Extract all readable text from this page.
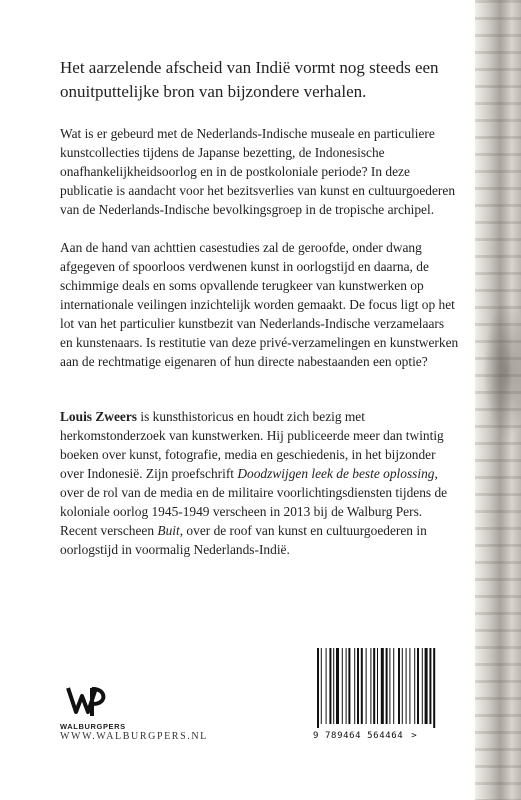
Het aarzelende afscheid van Indië vormt nog steeds een onuitputtelijke bron van bijzondere verhalen.

Wat is er gebeurd met de Nederlands-Indische museale en particuliere kunstcollecties tijdens de Japanse bezetting, de Indonesische onafhankelijkheidsoorlog en in de postkoloniale periode? In deze publicatie is aandacht voor het bezitsverlies van kunst en cultuurgoederen van de Nederlands-Indische bevolkingsgroep in de tropische archipel.

Aan de hand van achttien casestudies zal de geroofde, onder dwang afgegeven of spoorloos verdwenen kunst in oorlogstijd en daarna, de schimmige deals en soms opvallende terugkeer van kunstwerken op internationale veilingen inzichtelijk worden gemaakt. De focus ligt op het lot van het particulier kunstbezit van Nederlands-Indische verzamelaars en kunstenaars. Is restitutie van deze privé-verzamelingen en kunstwerken aan de rechtmatige eigenaren of hun directe nabestaanden een optie?

Louis Zweers is kunsthistoricus en houdt zich bezig met herkomstonderzoek van kunstwerken. Hij publiceerde meer dan twintig boeken over kunst, fotografie, media en geschiedenis, in het bijzonder over Indonesië. Zijn proefschrift Doodzwijgen leek de beste oplossing, over de rol van de media en de militaire voorlichtingsdiensten tijdens de koloniale oorlog 1945-1949 verscheen in 2013 bij de Walburg Pers. Recent verscheen Buit, over de roof van kunst en cultuurgoederen in oorlogstijd in voormalig Nederlands-Indië.

WALBURGPERS
WWW.WALBURGPERS.NL	9 789464 564464 >
